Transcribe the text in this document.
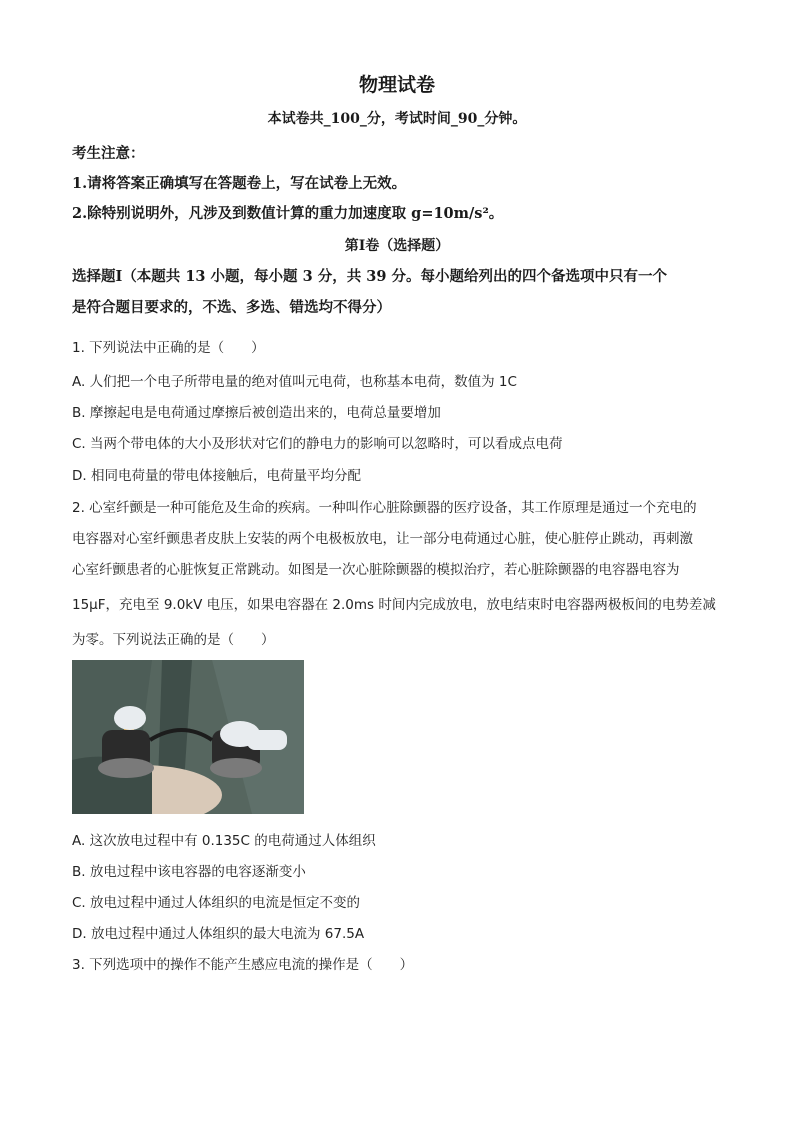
物理试卷
本试卷共_100_分，考试时间_90_分钟。
考生注意：
1.请将答案正确填写在答题卷上，写在试卷上无效。
2.除特别说明外，凡涉及到数值计算的重力加速度取 g=10m/s²。
第Ⅰ卷（选择题）
选择题Ⅰ（本题共 13 小题，每小题 3 分，共 39 分。每小题给列出的四个备选项中只有一个
是符合题目要求的，不选、多选、错选均不得分）
1. 下列说法中正确的是（　　）
A. 人们把一个电子所带电量的绝对值叫元电荷，也称基本电荷，数值为 1C
B. 摩擦起电是电荷通过摩擦后被创造出来的，电荷总量要增加
C. 当两个带电体的大小及形状对它们的静电力的影响可以忽略时，可以看成点电荷
D. 相同电荷量的带电体接触后，电荷量平均分配
2. 心室纤颤是一种可能危及生命的疾病。一种叫作心脏除颤器的医疗设备，其工作原理是通过一个充电的
电容器对心室纤颤患者皮肤上安装的两个电极板放电，让一部分电荷通过心脏，使心脏停止跳动，再刺激
心室纤颤患者的心脏恢复正常跳动。如图是一次心脏除颤器的模拟治疗，若心脏除颤器的电容器电容为
15μF，充电至 9.0kV 电压，如果电容器在 2.0ms 时间内完成放电，放电结束时电容器两极板间的电势差减
为零。下列说法正确的是（　　）
A. 这次放电过程中有 0.135C 的电荷通过人体组织
B. 放电过程中该电容器的电容逐渐变小
C. 放电过程中通过人体组织的电流是恒定不变的
D. 放电过程中通过人体组织的最大电流为 67.5A
3. 下列选项中的操作不能产生感应电流的操作是（　　）
